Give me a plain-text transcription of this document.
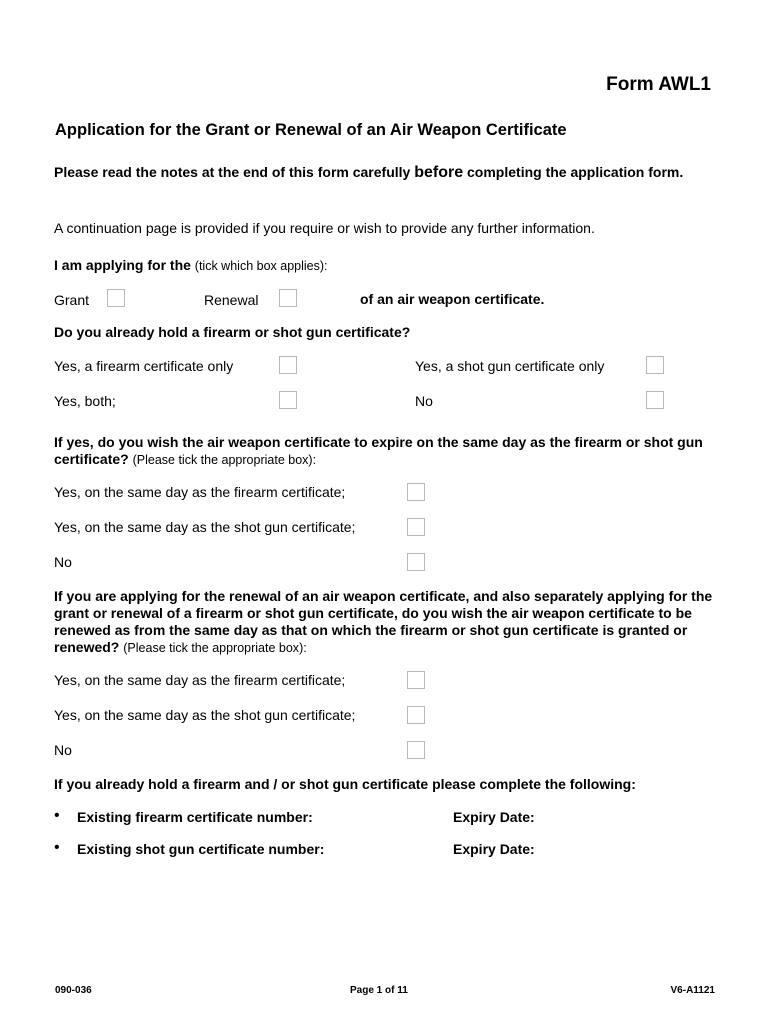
Form AWL1
Application for the Grant or Renewal of an Air Weapon Certificate
Please read the notes at the end of this form carefully before completing the application form.
A continuation page is provided if you require or wish to provide any further information.
I am applying for the (tick which box applies):
Grant	Renewal	of an air weapon certificate.
Do you already hold a firearm or shot gun certificate?
Yes, a firearm certificate only	Yes, a shot gun certificate only
Yes, both;	No
If yes, do you wish the air weapon certificate to expire on the same day as the firearm or shot gun certificate? (Please tick the appropriate box):
Yes, on the same day as the firearm certificate;
Yes, on the same day as the shot gun certificate;
No
If you are applying for the renewal of an air weapon certificate, and also separately applying for the grant or renewal of a firearm or shot gun certificate, do you wish the air weapon certificate to be renewed as from the same day as that on which the firearm or shot gun certificate is granted or renewed? (Please tick the appropriate box):
Yes, on the same day as the firearm certificate;
Yes, on the same day as the shot gun certificate;
No
If you already hold a firearm and / or shot gun certificate please complete the following:
• Existing firearm certificate number:	Expiry Date:
• Existing shot gun certificate number:	Expiry Date:
090-036	Page 1 of 11	V6-A1121
